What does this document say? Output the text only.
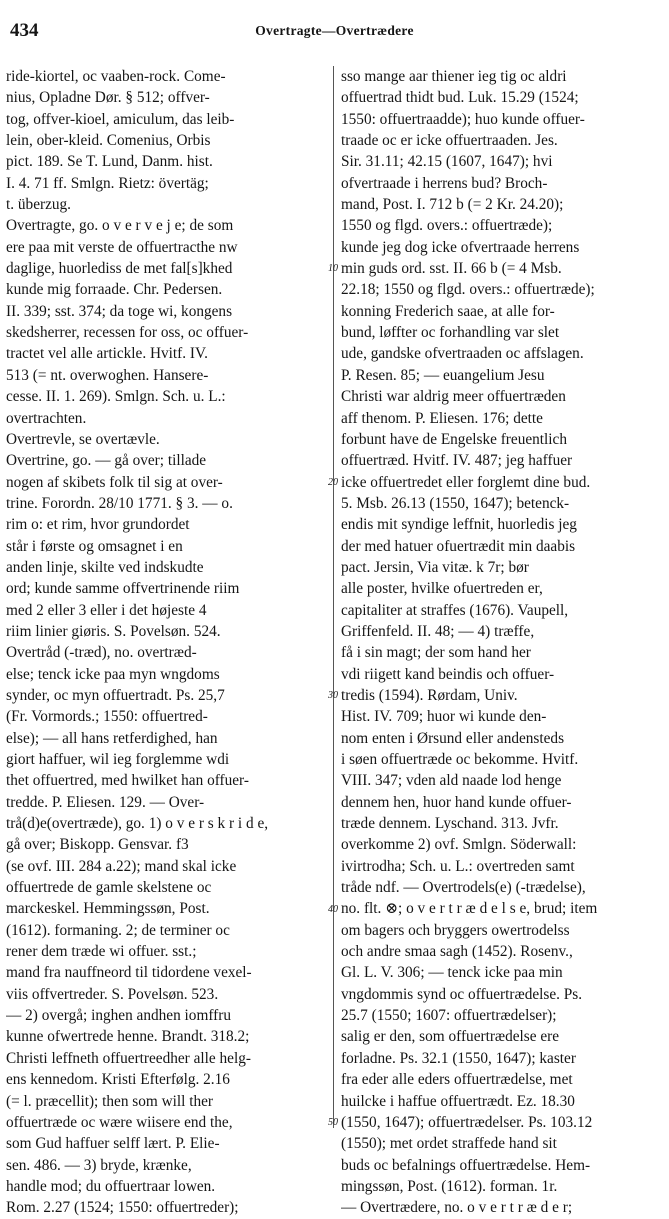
434	Overtragte—Overtrædere
ride-kiortel, oc vaaben-rock. Come-
nius, Opladne Dør. § 512; offver-
tog, offver-kioel, amiculum, das leib-
lein, ober-kleid. Comenius, Orbis
pict. 189. Se T. Lund, Danm. hist.
I. 4. 71 ff. Smlgn. Rietz: övertäg;
t. überzug.
Overtragte, go. o v e r v e j e; de som
ere paa mit verste de offuertracthe nw
daglige, huorlediss de met fal[s]khed
kunde mig forraade. Chr. Pedersen.
II. 339; sst. 374; da toge wi, kongens
skedsherrer, recessen for oss, oc offuer-
tractet vel alle artickle. Hvitf. IV.
513 (= nt. overwoghen. Hansere-
cesse. II. 1. 269). Smlgn. Sch. u. L.:
overtrachten.
Overtrevle, se overtævle.
Overtrine, go. — gå over; tillade
nogen af skibets folk til sig at over-
trine. Forordn. 28/10 1771. § 3. — o.
rim o: et rim, hvor grundordet
står i første og omsagnet i en
anden linje, skilte ved indskudte
ord; kunde samme offvertrinende riim
med 2 eller 3 eller i det højeste 4
riim linier giøris. S. Povelsøn. 524.
Overtråd (-træd), no. overtræd-
else; tenck icke paa myn wngdoms
synder, oc myn offuertradt. Ps. 25,7
(Fr. Vormords.; 1550: offuertred-
else); — all hans retferdighed, han
giort haffuer, wil ieg forglemme wdi
thet offuertred, med hwilket han offuer-
tredde. P. Eliesen. 129. — Over-
trå(d)e(overtræde), go. 1) o v e r s k r i d e,
gå over; Biskopp. Gensvar. f3
(se ovf. III. 284 a.22); mand skal icke
offuertrede de gamle skelstene oc
marckeskel. Hemmingssøn, Post.
(1612). formaning. 2; de terminer oc
rener dem træde wi offuer. sst.;
mand fra nauffneord til tidordene vexel-
viis offvertreder. S. Povelsøn. 523.
— 2) overgå; inghen andhen iomffru
kunne ofwertrede henne. Brandt. 318.2;
Christi leffneth offuertreedher alle helg-
ens kennedom. Kristi Efterfølg. 2.16
(= l. præcellit); then som will ther
offuertræde oc wære wiisere end the,
som Gud haffuer selff lært. P. Elie-
sen. 486. — 3) bryde, krænke,
handle mod; du offuertraar lowen.
Rom. 2.27 (1524; 1550: offuertreder);
10
20
30
40
50
sso mange aar thiener ieg tig oc aldri
offuertrad thidt bud. Luk. 15.29 (1524;
1550: offuertraadde); huo kunde offuer-
traade oc er icke offuertraaden. Jes.
Sir. 31.11; 42.15 (1607, 1647); hvi
ofvertraade i herrens bud? Broch-
mand, Post. I. 712 b (= 2 Kr. 24.20);
1550 og flgd. overs.: offuertræde);
kunde jeg dog icke ofvertraade herrens
min guds ord. sst. II. 66 b (= 4 Msb.
22.18; 1550 og flgd. overs.: offuertræde);
konning Frederich saae, at alle for-
bund, løffter oc forhandling var slet
ude, gandske ofvertraaden oc affslagen.
P. Resen. 85; — euangelium Jesu
Christi war aldrig meer offuertræden
aff thenom. P. Eliesen. 176; dette
forbunt have de Engelske freuentlich
offuertræd. Hvitf. IV. 487; jeg haffuer
icke offuertredet eller forglemt dine bud.
5. Msb. 26.13 (1550, 1647); betenck-
endis mit syndige leffnit, huorledis jeg
der med hatuer ofuertrædit min daabis
pact. Jersin, Via vitæ. k 7r; bør
alle poster, hvilke ofuertreden er,
capitaliter at straffes (1676). Vaupell,
Griffenfeld. II. 48; — 4) træffe,
få i sin magt; der som hand her
vdi riigett kand beindis och offuer-
tredis (1594). Rørdam, Univ.
Hist. IV. 709; huor wi kunde den-
nom enten i Ørsund eller andensteds
i søen offuertræde oc bekomme. Hvitf.
VIII. 347; vden ald naade lod henge
dennem hen, huor hand kunde offuer-
træde dennem. Lyschand. 313. Jvfr.
overkomme 2) ovf. Smlgn. Söderwall:
ivirtrodha; Sch. u. L.: overtreden samt
tråde ndf. — Overtrodels(e) (-trædelse),
no. flt. ⊗; o v e r t r æ d e l s e, brud; item
om bagers och bryggers owertrodelss
och andre smaa sagh (1452). Rosenv.,
Gl. L. V. 306; — tenck icke paa min
vngdommis synd oc offuertrædelse. Ps.
25.7 (1550; 1607: offuertrædelser);
salig er den, som offuertrædelse ere
forladne. Ps. 32.1 (1550, 1647); kaster
fra eder alle eders offuertrædelse, met
huilcke i haffue offuertrædt. Ez. 18.30
(1550, 1647); offuertrædelser. Ps. 103.12
(1550); met ordet straffede hand sit
buds oc befalnings offuertrædelse. Hem-
mingssøn, Post. (1612). forman. 1r.
— Overtrædere, no. o v e r t r æ d e r;
